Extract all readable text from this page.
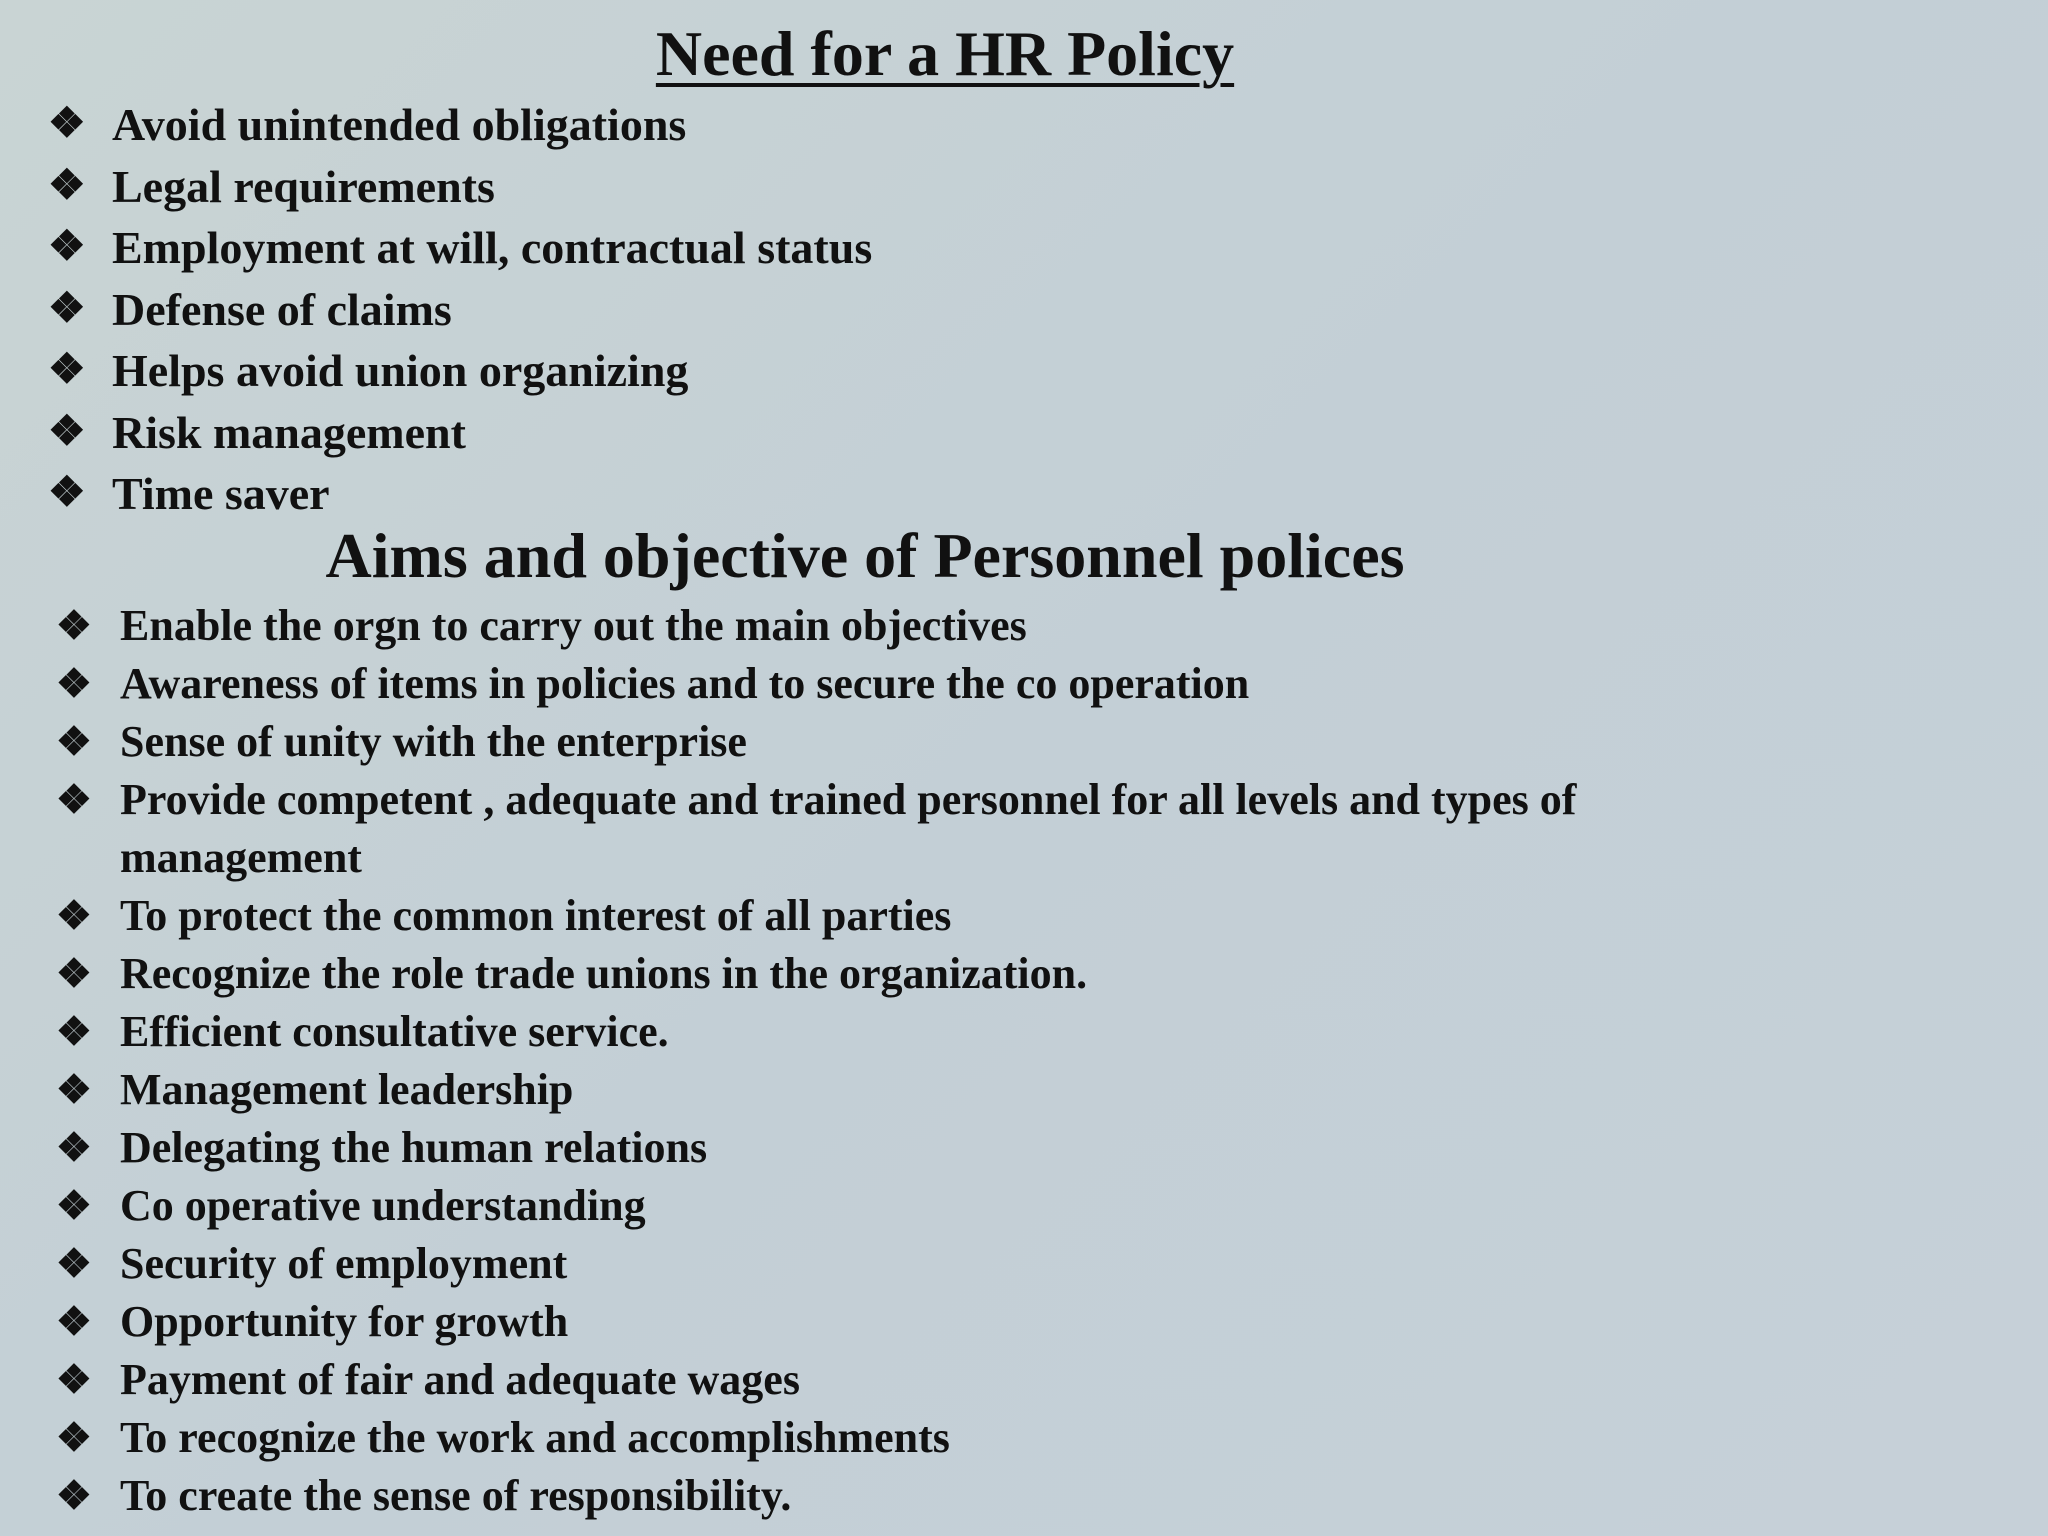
Need for a HR Policy
❖ Avoid unintended obligations
❖ Legal requirements
❖ Employment at will, contractual status
❖ Defense of claims
❖ Helps avoid union organizing
❖ Risk management
❖ Time saver
Aims and objective of Personnel polices
❖ Enable the orgn to carry out the main objectives
❖ Awareness of items in policies and to secure the co operation
❖ Sense of unity with the enterprise
❖ Provide competent , adequate and trained personnel for all levels and types of management
❖ To protect the common interest of all parties
❖ Recognize the role trade unions in the organization.
❖ Efficient consultative service.
❖ Management leadership
❖ Delegating the human relations
❖ Co operative understanding
❖ Security of employment
❖ Opportunity for growth
❖ Payment of fair and adequate wages
❖ To recognize the work and accomplishments
❖ To create the sense of responsibility.
